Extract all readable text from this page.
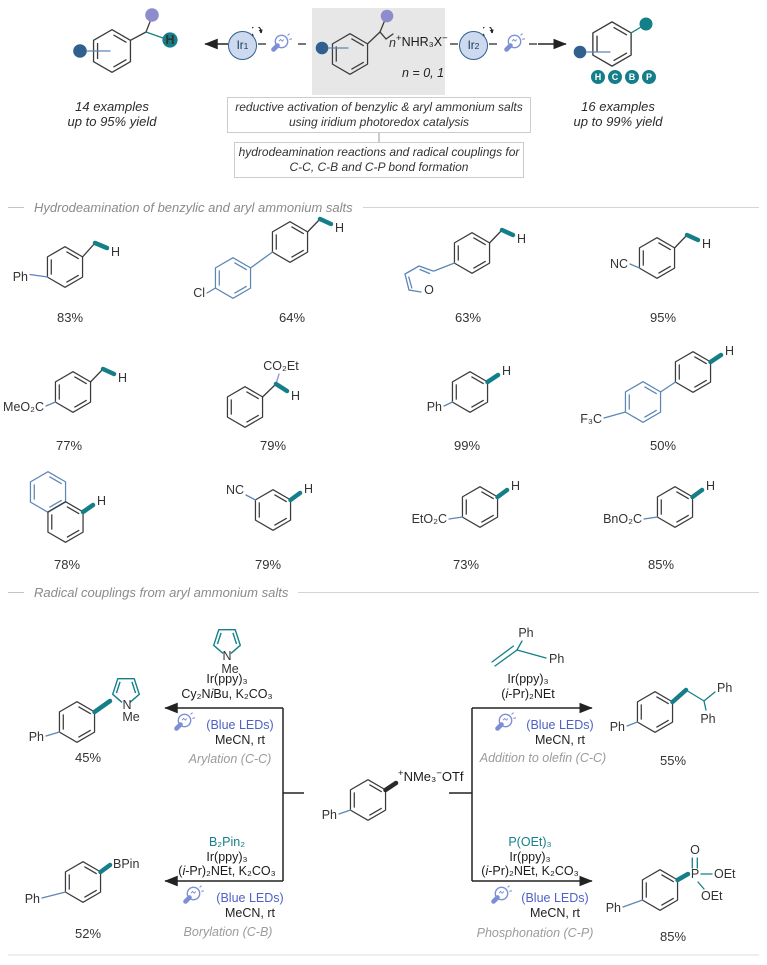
H	n
H
Ph
H
Cl	O
H	H
NC
H
MeO₂C
CO₂Et
H
H
Ph
H
F₃C
H
NC	H
EtO₂C
H
BnO₂C
H
Ph
N
Me
Ph
N
Me
Ph
Ph
Ph
Ph
Ph
Ph
BPin
Ph
P
O
OEt
OEt
Ir 1	Ir 2
+NHR₃X−
n = 0, 1
14 examples
up to 95% yield
16 examples
up to 99% yield
H	C	B	P
reductive activation of benzylic & aryl ammonium salts
using iridium photoredox catalysis
hydrodeamination reactions and radical couplings for
C-C, C-B and C-P bond formation
Hydrodeamination of benzylic and aryl ammonium salts
Radical couplings from aryl ammonium salts
83%	64%	63%	95%
77%	79%	99%	50%
78%	79%	73%	85%
Ir(ppy)₃
Cy₂NiBu, K₂CO₃
Ir(ppy)₃
(i-Pr)₂NEt
B₂Pin₂
Ir(ppy)₃
(i-Pr)₂NEt, K₂CO₃
P(OEt)₃
Ir(ppy)₃
(i-Pr)₂NEt, K₂CO₃
(Blue LEDs)
MeCN, rt
(Blue LEDs)
MeCN, rt
(Blue LEDs)
MeCN, rt
(Blue LEDs)
MeCN, rt
Arylation (C-C)	Addition to olefin (C-C)
Borylation (C-B)	Phosphonation (C-P)
45%	55%
52%	85%
+NMe₃−OTf
